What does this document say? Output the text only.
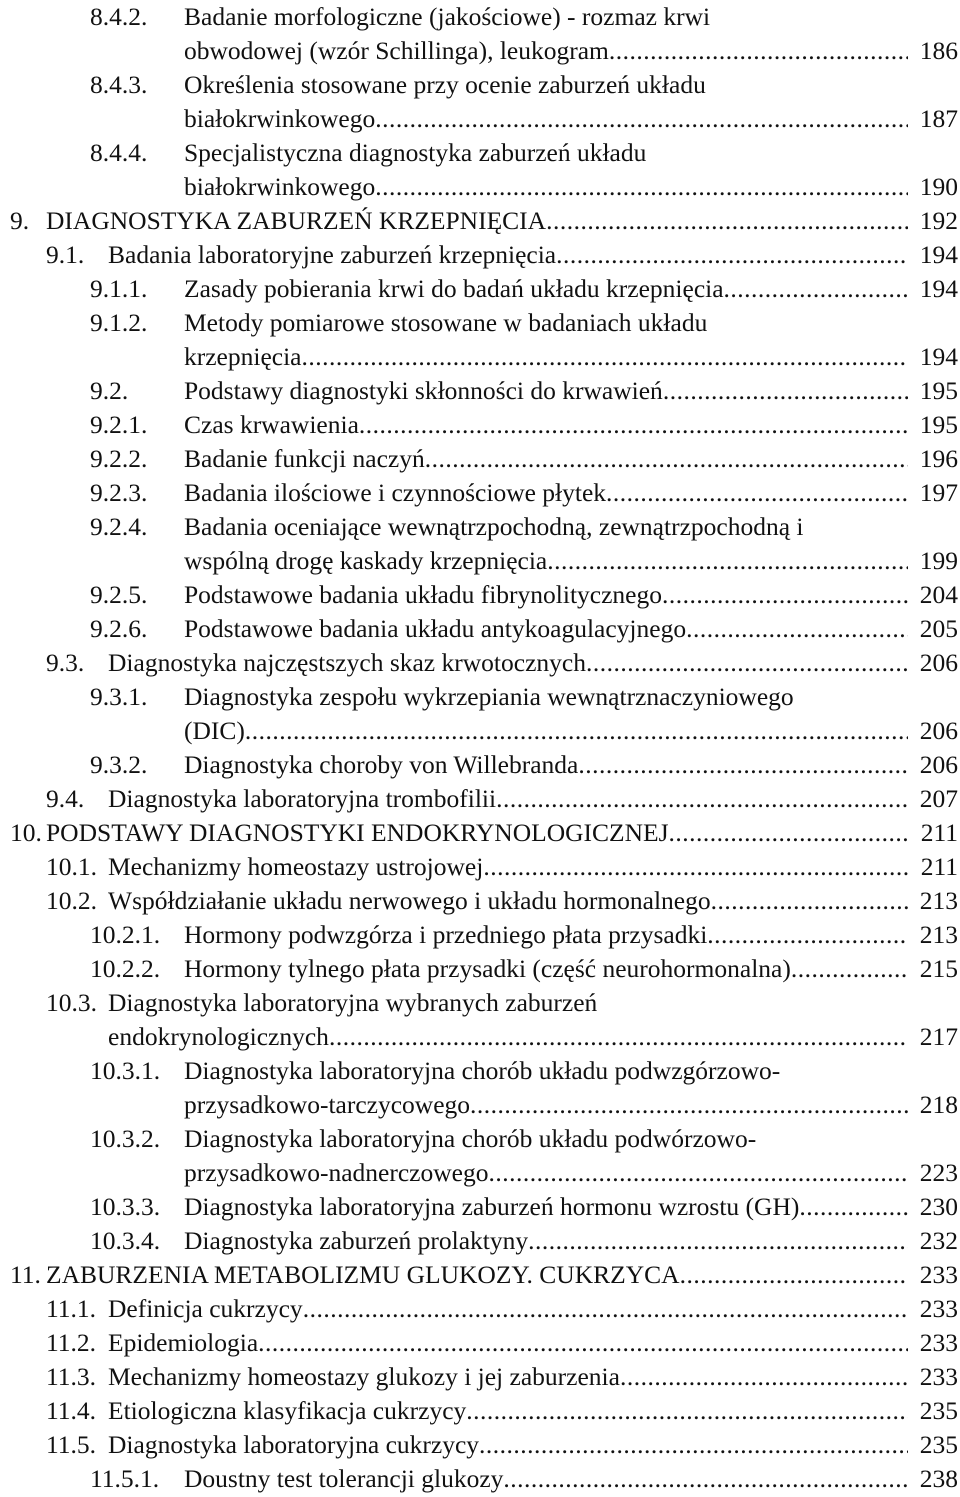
8.4.2. Badanie morfologiczne (jakościowe) - rozmaz krwi
obwodowej (wzór Schillinga), leukogram .....	186
8.4.3. Określenia stosowane przy ocenie zaburzeń układu
białokrwinkowego .....	187
8.4.4. Specjalistyczna diagnostyka zaburzeń układu
białokrwinkowego .....	190
9. DIAGNOSTYKA ZABURZEŃ KRZEPNIĘCIA .....	192
9.1. Badania laboratoryjne zaburzeń krzepnięcia .....	194
9.1.1. Zasady pobierania krwi do badań układu krzepnięcia .....	194
9.1.2. Metody pomiarowe stosowane w badaniach układu
krzepnięcia .....	194
9.2. Podstawy diagnostyki skłonności do krwawień .....	195
9.2.1. Czas krwawienia .....	195
9.2.2. Badanie funkcji naczyń .....	196
9.2.3. Badania ilościowe i czynnościowe płytek .....	197
9.2.4. Badania oceniające wewnątrzpochodną, zewnątrzpochodną i
wspólną drogę kaskady krzepnięcia .....	199
9.2.5. Podstawowe badania układu fibrynolitycznego .....	204
9.2.6. Podstawowe badania układu antykoagulacyjnego .....	205
9.3. Diagnostyka najczęstszych skaz krwotocznych .....	206
9.3.1. Diagnostyka zespołu wykrzepiania wewnątrznaczyniowego
(DIC) .....	206
9.3.2. Diagnostyka choroby von Willebranda .....	206
9.4. Diagnostyka laboratoryjna trombofilii .....	207
10. PODSTAWY DIAGNOSTYKI ENDOKRYNOLOGICZNEJ .....	211
10.1. Mechanizmy homeostazy ustrojowej .....	211
10.2. Współdziałanie układu nerwowego i układu hormonalnego .....	213
10.2.1. Hormony podwzgórza i przedniego płata przysadki .....	213
10.2.2. Hormony tylnego płata przysadki (część neurohormonalna) .....	215
10.3. Diagnostyka laboratoryjna wybranych zaburzeń
endokrynologicznych .....	217
10.3.1. Diagnostyka laboratoryjna chorób układu podwzgórzowo-
przysadkowo-tarczycowego .....	218
10.3.2. Diagnostyka laboratoryjna chorób układu podwórzowo-
przysadkowo-nadnerczowego .....	223
10.3.3. Diagnostyka laboratoryjna zaburzeń hormonu wzrostu (GH) .....	230
10.3.4. Diagnostyka zaburzeń prolaktyny .....	232
11. ZABURZENIA METABOLIZMU GLUKOZY. CUKRZYCA .....	233
11.1. Definicja cukrzycy .....	233
11.2. Epidemiologia .....	233
11.3. Mechanizmy homeostazy glukozy i jej zaburzenia .....	233
11.4. Etiologiczna klasyfikacja cukrzycy .....	235
11.5. Diagnostyka laboratoryjna cukrzycy .....	235
11.5.1. Doustny test tolerancji glukozy .....	238
